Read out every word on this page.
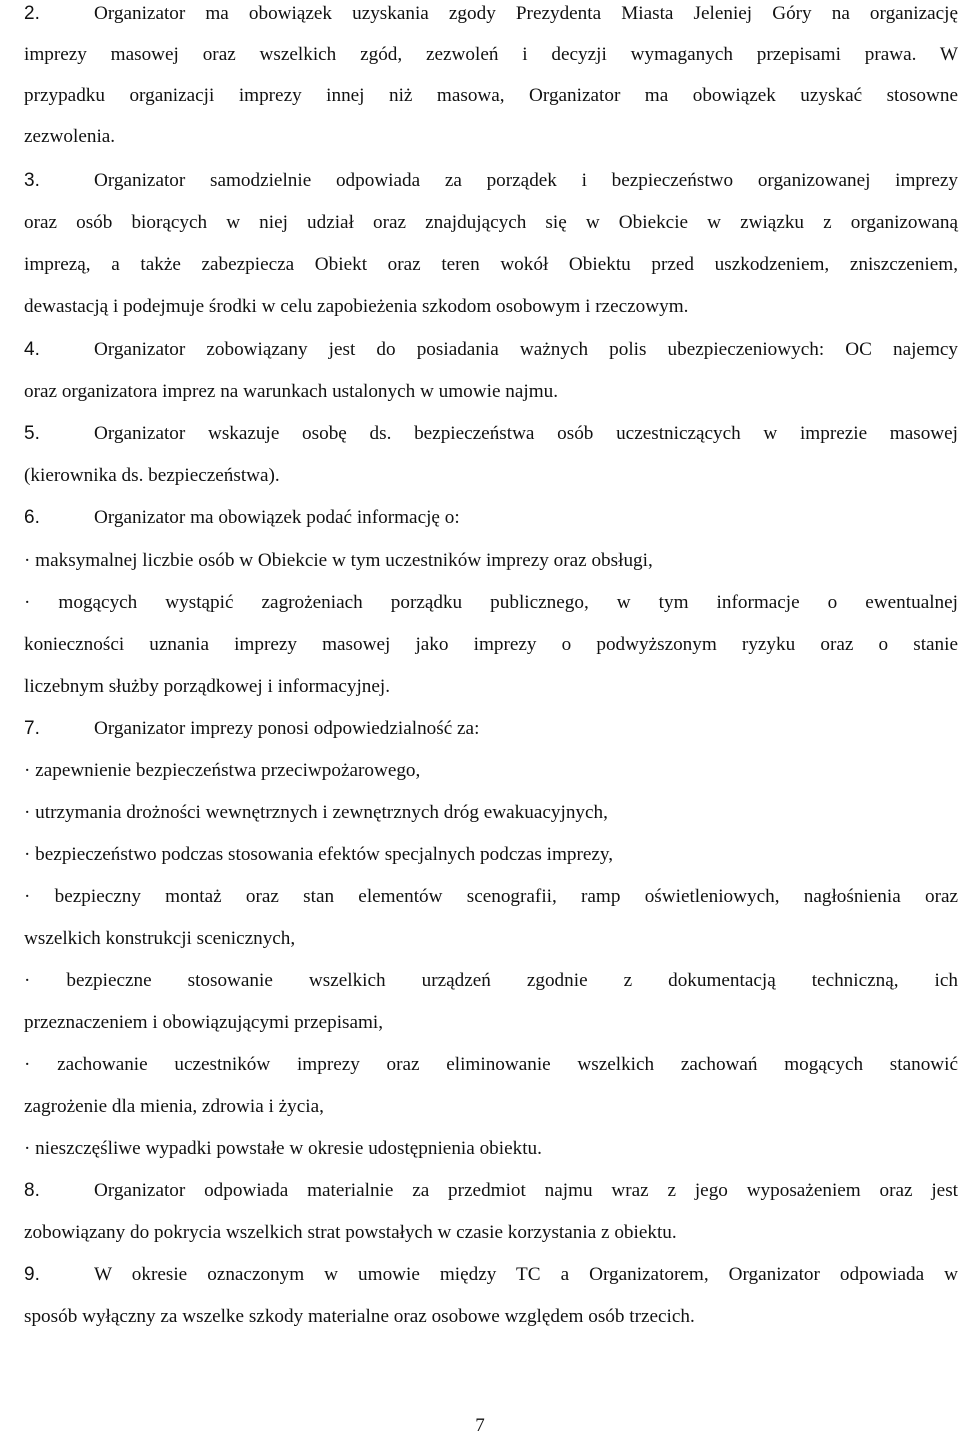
2.	Organizator ma obowiązek uzyskania zgody Prezydenta Miasta Jeleniej Góry na organizację
imprezy masowej oraz wszelkich zgód, zezwoleń i decyzji wymaganych przepisami prawa. W
przypadku organizacji imprezy innej niż masowa, Organizator ma obowiązek uzyskać stosowne
zezwolenia.
3.	Organizator samodzielnie odpowiada za porządek i bezpieczeństwo organizowanej imprezy
oraz osób biorących w niej udział oraz znajdujących się w Obiekcie w związku z organizowaną
imprezą, a także zabezpiecza Obiekt oraz teren wokół Obiektu przed uszkodzeniem, zniszczeniem,
dewastacją i podejmuje środki w celu zapobieżenia szkodom osobowym i rzeczowym.
4.	Organizator zobowiązany jest do posiadania ważnych polis ubezpieczeniowych: OC najemcy
oraz organizatora imprez na warunkach ustalonych w umowie najmu.
5.	Organizator wskazuje osobę ds. bezpieczeństwa osób uczestniczących w imprezie masowej
(kierownika ds. bezpieczeństwa).
6.	Organizator ma obowiązek podać informację o:
· maksymalnej liczbie osób w Obiekcie w tym uczestników imprezy oraz obsługi,
· mogących wystąpić zagrożeniach porządku publicznego, w tym informacje o ewentualnej
konieczności uznania imprezy masowej jako imprezy o podwyższonym ryzyku oraz o stanie
liczebnym służby porządkowej i informacyjnej.
7.	Organizator imprezy ponosi odpowiedzialność za:
· zapewnienie bezpieczeństwa przeciwpożarowego,
· utrzymania drożności wewnętrznych i zewnętrznych dróg ewakuacyjnych,
· bezpieczeństwo podczas stosowania efektów specjalnych podczas imprezy,
· bezpieczny montaż oraz stan elementów scenografii, ramp oświetleniowych, nagłośnienia oraz
wszelkich konstrukcji scenicznych,
· bezpieczne stosowanie wszelkich urządzeń zgodnie z dokumentacją techniczną, ich
przeznaczeniem i obowiązującymi przepisami,
· zachowanie uczestników imprezy oraz eliminowanie wszelkich zachowań mogących stanowić
zagrożenie dla mienia, zdrowia i życia,
· nieszczęśliwe wypadki powstałe w okresie udostępnienia obiektu.
8.	Organizator odpowiada materialnie za przedmiot najmu wraz z jego wyposażeniem oraz jest
zobowiązany do pokrycia wszelkich strat powstałych w czasie korzystania z obiektu.
9.	W okresie oznaczonym w umowie między TC a Organizatorem, Organizator odpowiada w
sposób wyłączny za wszelke szkody materialne oraz osobowe względem osób trzecich.
7
